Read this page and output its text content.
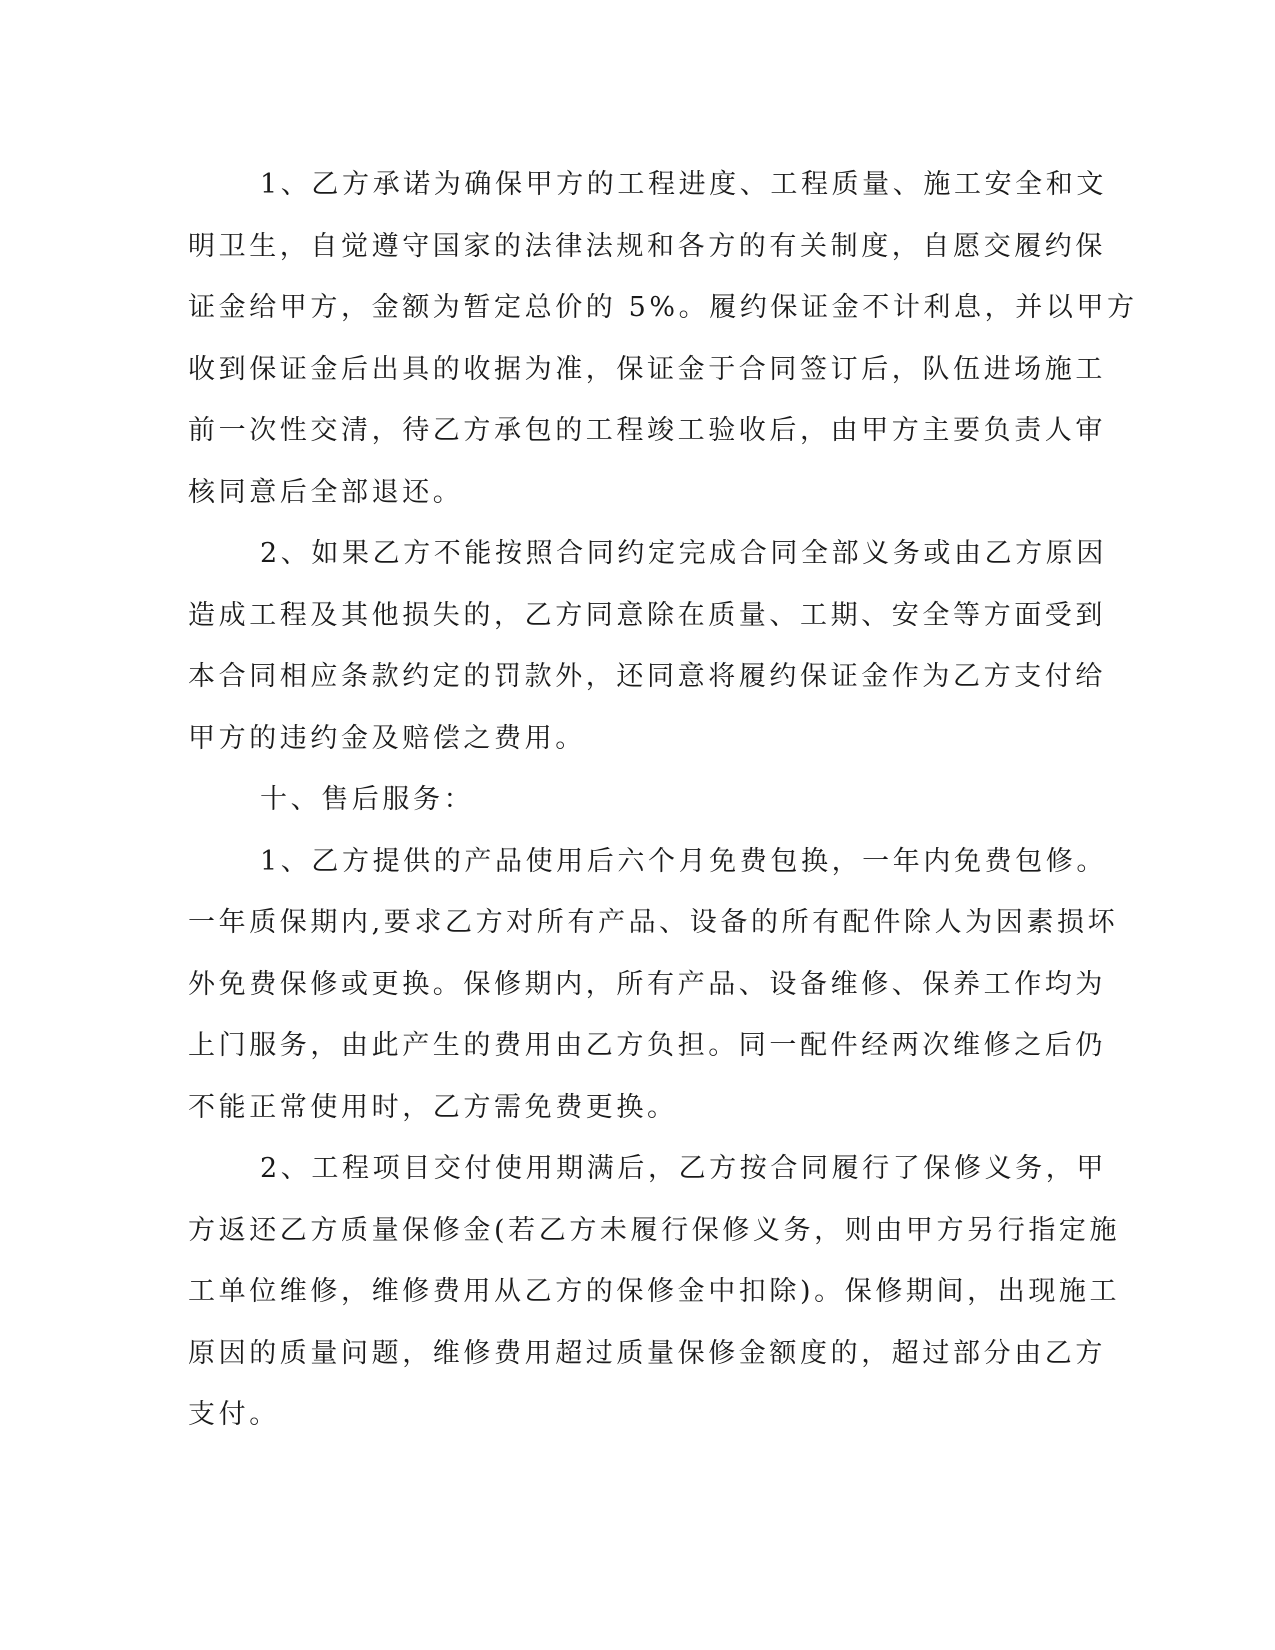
1、乙方承诺为确保甲方的工程进度、工程质量、施工安全和文
明卫生，自觉遵守国家的法律法规和各方的有关制度，自愿交履约保
证金给甲方，金额为暂定总价的 5%。履约保证金不计利息，并以甲方
收到保证金后出具的收据为准，保证金于合同签订后，队伍进场施工
前一次性交清，待乙方承包的工程竣工验收后，由甲方主要负责人审
核同意后全部退还。
2、如果乙方不能按照合同约定完成合同全部义务或由乙方原因
造成工程及其他损失的，乙方同意除在质量、工期、安全等方面受到
本合同相应条款约定的罚款外，还同意将履约保证金作为乙方支付给
甲方的违约金及赔偿之费用。
十、售后服务：
1、乙方提供的产品使用后六个月免费包换，一年内免费包修。
一年质保期内,要求乙方对所有产品、设备的所有配件除人为因素损坏
外免费保修或更换。保修期内，所有产品、设备维修、保养工作均为
上门服务，由此产生的费用由乙方负担。同一配件经两次维修之后仍
不能正常使用时，乙方需免费更换。
2、工程项目交付使用期满后，乙方按合同履行了保修义务，甲
方返还乙方质量保修金(若乙方未履行保修义务，则由甲方另行指定施
工单位维修，维修费用从乙方的保修金中扣除)。保修期间，出现施工
原因的质量问题，维修费用超过质量保修金额度的，超过部分由乙方
支付。
